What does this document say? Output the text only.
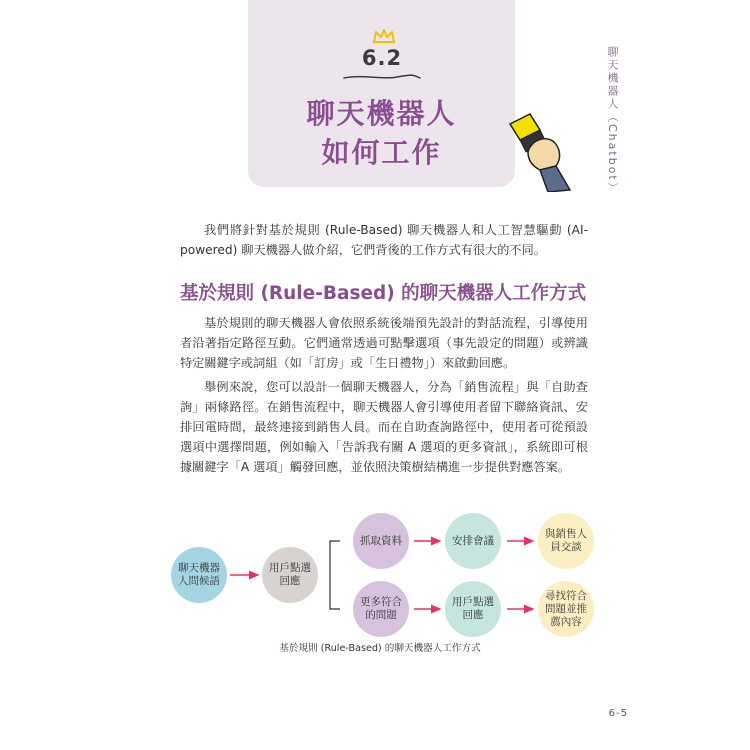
6.2
聊天機器人
如何工作	聊天機器人（Chatbot）
我們將針對基於規則 (Rule-Based) 聊天機器人和人工智慧驅動 (AI-powered) 聊天機器人做介紹，它們背後的工作方式有很大的不同。
基於規則 (Rule-Based) 的聊天機器人工作方式
基於規則的聊天機器人會依照系統後端預先設計的對話流程，引導使用者沿著指定路徑互動。它們通常透過可點擊選項（事先設定的問題）或辨識特定關鍵字或詞組（如「訂房」或「生日禮物」）來啟動回應。
舉例來說，您可以設計一個聊天機器人，分為「銷售流程」與「自助查詢」兩條路徑。在銷售流程中，聊天機器人會引導使用者留下聯絡資訊、安排回電時間，最終連接到銷售人員。而在自助查詢路徑中，使用者可從預設選項中選擇問題，例如輸入「告訴我有關 A 選項的更多資訊」，系統即可根據關鍵字「A 選項」觸發回應，並依照決策樹結構進一步提供對應答案。
聊天機器人問候語
用戶點選回應
抓取資料
更多符合的問題
安排會議
用戶點選回應
與銷售人員交談
尋找符合問題並推薦內容
基於規則 (Rule-Based) 的聊天機器人工作方式
6-5
